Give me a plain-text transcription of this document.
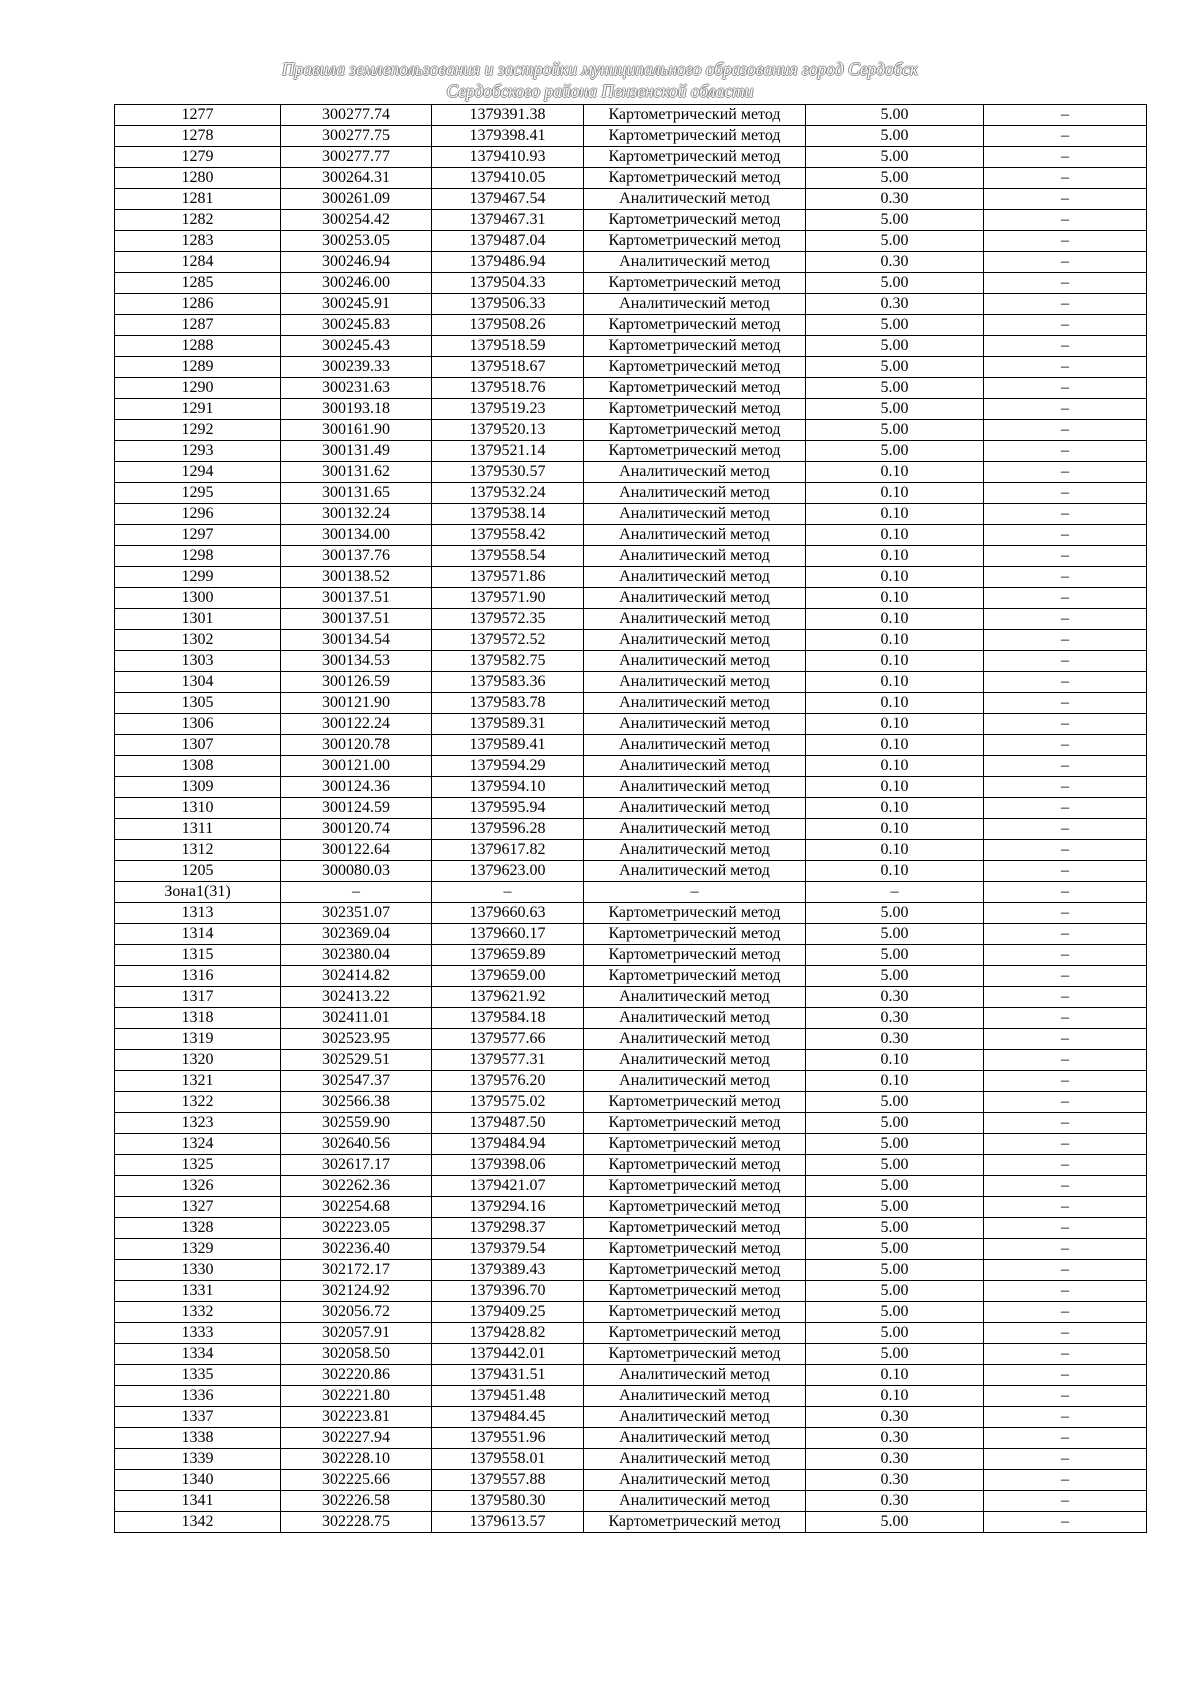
Правила землепользования и застройки муниципального образования город Сердобск
Сердобского района Пензенской области
1277	300277.74	1379391.38	Картометрический метод	5.00	–
1278	300277.75	1379398.41	Картометрический метод	5.00	–
1279	300277.77	1379410.93	Картометрический метод	5.00	–
1280	300264.31	1379410.05	Картометрический метод	5.00	–
1281	300261.09	1379467.54	Аналитический метод	0.30	–
1282	300254.42	1379467.31	Картометрический метод	5.00	–
1283	300253.05	1379487.04	Картометрический метод	5.00	–
1284	300246.94	1379486.94	Аналитический метод	0.30	–
1285	300246.00	1379504.33	Картометрический метод	5.00	–
1286	300245.91	1379506.33	Аналитический метод	0.30	–
1287	300245.83	1379508.26	Картометрический метод	5.00	–
1288	300245.43	1379518.59	Картометрический метод	5.00	–
1289	300239.33	1379518.67	Картометрический метод	5.00	–
1290	300231.63	1379518.76	Картометрический метод	5.00	–
1291	300193.18	1379519.23	Картометрический метод	5.00	–
1292	300161.90	1379520.13	Картометрический метод	5.00	–
1293	300131.49	1379521.14	Картометрический метод	5.00	–
1294	300131.62	1379530.57	Аналитический метод	0.10	–
1295	300131.65	1379532.24	Аналитический метод	0.10	–
1296	300132.24	1379538.14	Аналитический метод	0.10	–
1297	300134.00	1379558.42	Аналитический метод	0.10	–
1298	300137.76	1379558.54	Аналитический метод	0.10	–
1299	300138.52	1379571.86	Аналитический метод	0.10	–
1300	300137.51	1379571.90	Аналитический метод	0.10	–
1301	300137.51	1379572.35	Аналитический метод	0.10	–
1302	300134.54	1379572.52	Аналитический метод	0.10	–
1303	300134.53	1379582.75	Аналитический метод	0.10	–
1304	300126.59	1379583.36	Аналитический метод	0.10	–
1305	300121.90	1379583.78	Аналитический метод	0.10	–
1306	300122.24	1379589.31	Аналитический метод	0.10	–
1307	300120.78	1379589.41	Аналитический метод	0.10	–
1308	300121.00	1379594.29	Аналитический метод	0.10	–
1309	300124.36	1379594.10	Аналитический метод	0.10	–
1310	300124.59	1379595.94	Аналитический метод	0.10	–
1311	300120.74	1379596.28	Аналитический метод	0.10	–
1312	300122.64	1379617.82	Аналитический метод	0.10	–
1205	300080.03	1379623.00	Аналитический метод	0.10	–
Зона1(31)	–	–	–	–	–
1313	302351.07	1379660.63	Картометрический метод	5.00	–
1314	302369.04	1379660.17	Картометрический метод	5.00	–
1315	302380.04	1379659.89	Картометрический метод	5.00	–
1316	302414.82	1379659.00	Картометрический метод	5.00	–
1317	302413.22	1379621.92	Аналитический метод	0.30	–
1318	302411.01	1379584.18	Аналитический метод	0.30	–
1319	302523.95	1379577.66	Аналитический метод	0.30	–
1320	302529.51	1379577.31	Аналитический метод	0.10	–
1321	302547.37	1379576.20	Аналитический метод	0.10	–
1322	302566.38	1379575.02	Картометрический метод	5.00	–
1323	302559.90	1379487.50	Картометрический метод	5.00	–
1324	302640.56	1379484.94	Картометрический метод	5.00	–
1325	302617.17	1379398.06	Картометрический метод	5.00	–
1326	302262.36	1379421.07	Картометрический метод	5.00	–
1327	302254.68	1379294.16	Картометрический метод	5.00	–
1328	302223.05	1379298.37	Картометрический метод	5.00	–
1329	302236.40	1379379.54	Картометрический метод	5.00	–
1330	302172.17	1379389.43	Картометрический метод	5.00	–
1331	302124.92	1379396.70	Картометрический метод	5.00	–
1332	302056.72	1379409.25	Картометрический метод	5.00	–
1333	302057.91	1379428.82	Картометрический метод	5.00	–
1334	302058.50	1379442.01	Картометрический метод	5.00	–
1335	302220.86	1379431.51	Аналитический метод	0.10	–
1336	302221.80	1379451.48	Аналитический метод	0.10	–
1337	302223.81	1379484.45	Аналитический метод	0.30	–
1338	302227.94	1379551.96	Аналитический метод	0.30	–
1339	302228.10	1379558.01	Аналитический метод	0.30	–
1340	302225.66	1379557.88	Аналитический метод	0.30	–
1341	302226.58	1379580.30	Аналитический метод	0.30	–
1342	302228.75	1379613.57	Картометрический метод	5.00	–
